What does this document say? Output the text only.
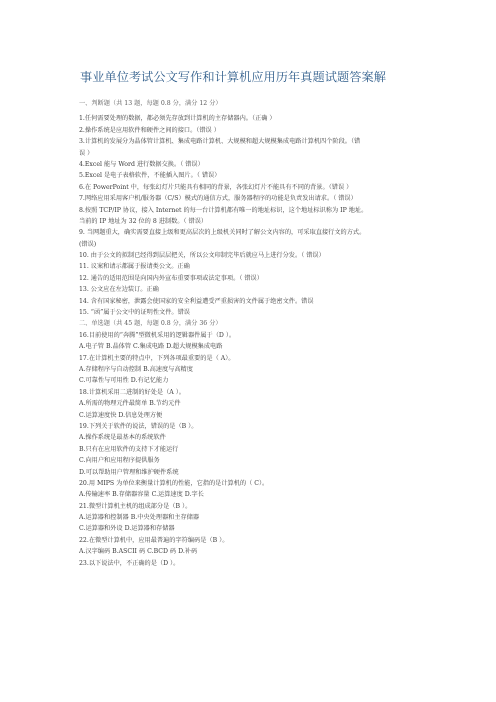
事业单位考试公文写作和计算机应用历年真题试题答案解
一、判断题（共 13 题，每题 0.8 分，满分 12 分）
1.任何需要处理的数据，都必须先存放到计算机的主存储器内。（正确 ）
2.操作系统是应用软件和硬件之间的接口。（错误 ）
3.计算机的发展分为晶体管计算机、集成电路计算机、大规模和超大规模集成电路计算机四个阶段。（错
误 ）
4.Excel 能与 Word 进行数据交换。（ 错误）
5.Excel 是电子表格软件，不能插入图片。（ 错误）
6.在 PowerPoint 中，每张幻灯片只能具有相同的背景，各张幻灯片不能具有不同的背景。（错误 ）
7.网络应用采用客户机/服务器（C/S）模式的通信方式，服务器程序的功能是负责发出请求。（ 错误）
8.按照 TCP/IP 协议，接入 Internet 的每一台计算机都有唯一的地址标识，这个地址标识称为 IP 地址。
当前的 IP 地址为 32 位的 8 进制数。（ 错误）
9. 当网题重大，确实需要直接上级和更高层次的上级机关同时了解公文内容的，可采取直接行文的方式。
(错误)
10. 由于公文的拟制已经得到层层把关，所以公文印制完毕后就应马上进行分发。（ 错误）
11. 议案和请示都属于报请类公文。正确
12. 通告的适用范围是向国内外宣布重要事项或法定事项。（ 错误）
13. 公文应在左边装订。正确
14. 含有国家秘密，泄露会使国家的安全利益遭受严重损害的文件属于绝密文件。错误
15. “函”属于公文中的证明性文件。错误
二、单选题（共 45 题，每题 0.8 分，满分 36 分）
16.目前使用的“奔腾”型微机采用的逻辑器件属于（D ）。
A.电子管 B.晶体管 C.集成电路 D.超大规模集成电路
17.在计算机主要的特点中，下列各项最重要的是（ A）。
A.存储程序与自动控制 B.高速度与高精度
C.可靠性与可用性 D.有记忆能力
18.计算机采用二进制的好处是（A ）。
A.所需的物理元件最简单 B.节约元件
C.运算速度快 D.信息处理方便
19.下列关于软件的说法，错误的是（B ）。
A.操作系统是最基本的系统软件
B.只有在应用软件的支持下才能运行
C.向用户和应用程序提供服务
D.可以帮助用户管理和维护硬件系统
20.用 MIPS 为单位来衡量计算机的性能，它指的是计算机的（ C）。
A.传输速率 B.存储器容量 C.运算速度 D.字长
21.微型计算机主机的组成部分是（B ）。
A.运算器和控制器 B.中央处理器和主存储器
C.运算器和外设 D.运算器和存储器
22.在微型计算机中，应用最普遍的字符编码是（B ）。
A.汉字编码 B.ASCII 码 C.BCD 码 D.补码
23.以下说法中，不正确的是（D ）。
